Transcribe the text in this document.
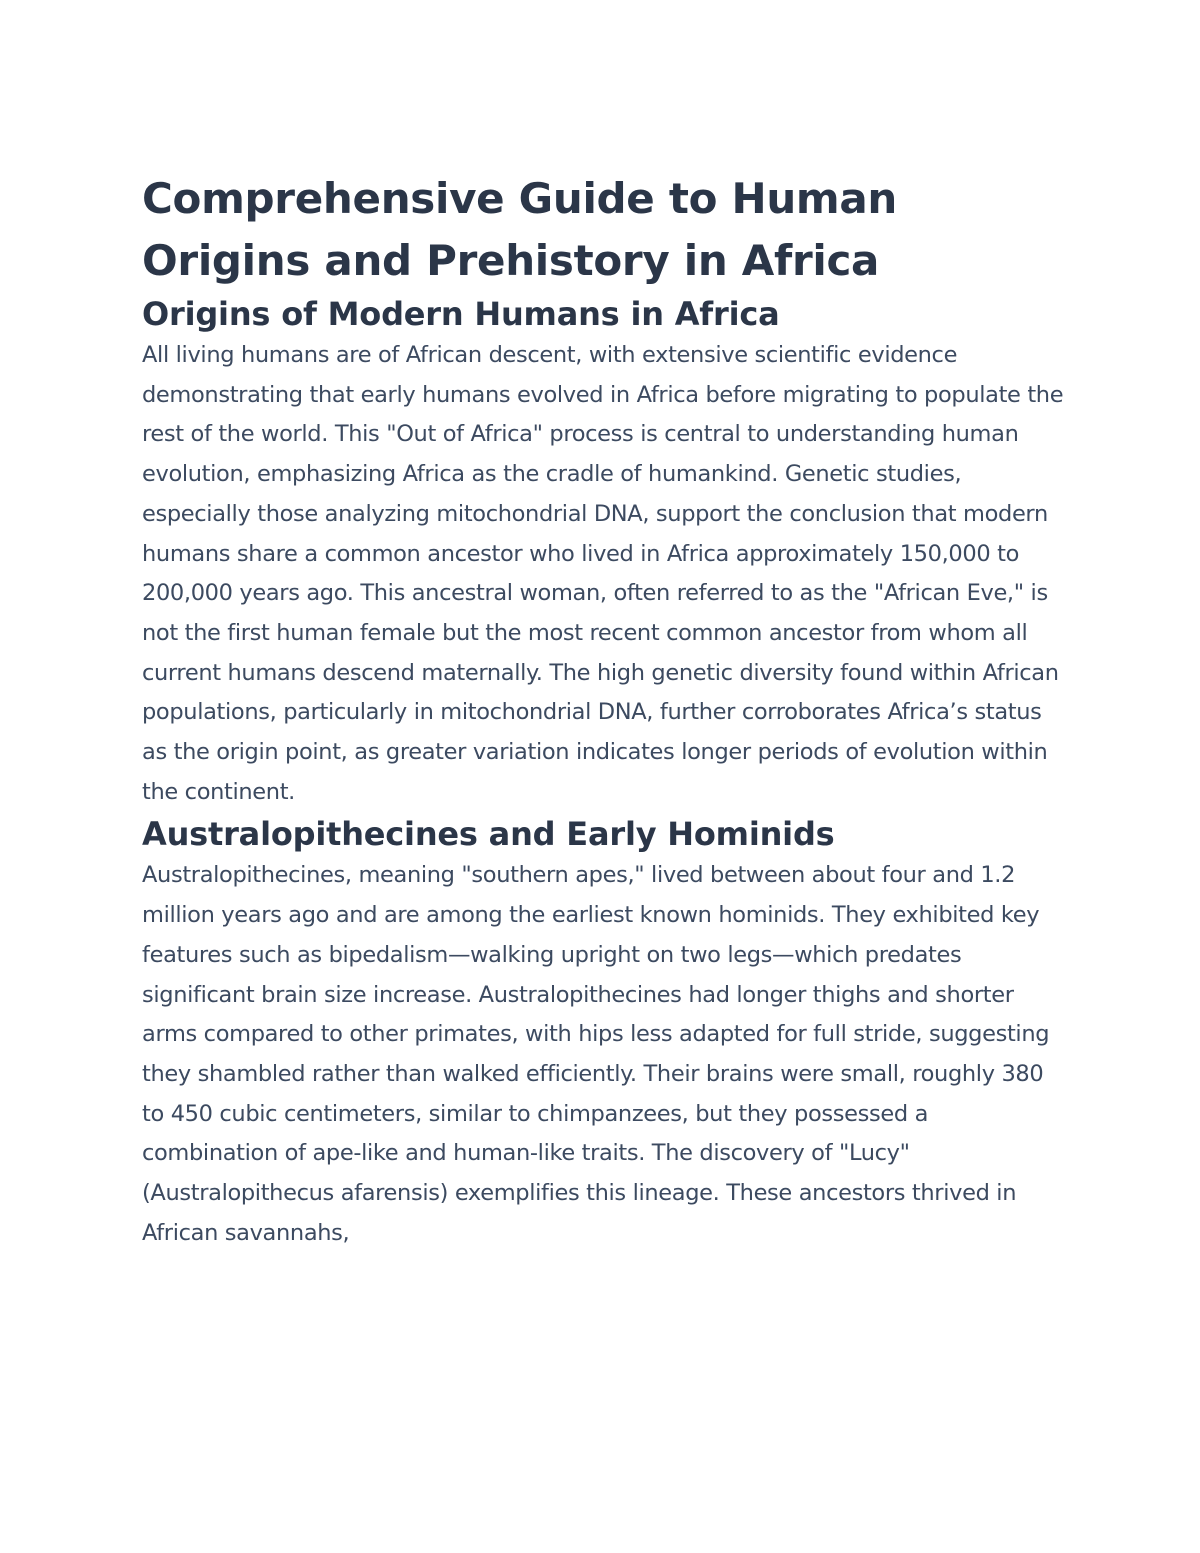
Comprehensive Guide to Human Origins and Prehistory in Africa
Origins of Modern Humans in Africa

All living humans are of African descent, with extensive scientific evidence demonstrating that early humans evolved in Africa before migrating to populate the rest of the world. This "Out of Africa" process is central to understanding human evolution, emphasizing Africa as the cradle of humankind. Genetic studies, especially those analyzing mitochondrial DNA, support the conclusion that modern humans share a common ancestor who lived in Africa approximately 150,000 to 200,000 years ago. This ancestral woman, often referred to as the "African Eve," is not the first human female but the most recent common ancestor from whom all current humans descend maternally. The high genetic diversity found within African populations, particularly in mitochondrial DNA, further corroborates Africa’s status as the origin point, as greater variation indicates longer periods of evolution within the continent.

Australopithecines and Early Hominids

Australopithecines, meaning "southern apes," lived between about four and 1.2 million years ago and are among the earliest known hominids. They exhibited key features such as bipedalism—walking upright on two legs—which predates significant brain size increase. Australopithecines had longer thighs and shorter arms compared to other primates, with hips less adapted for full stride, suggesting they shambled rather than walked efficiently. Their brains were small, roughly 380 to 450 cubic centimeters, similar to chimpanzees, but they possessed a combination of ape-like and human-like traits. The discovery of "Lucy" (Australopithecus afarensis) exemplifies this lineage. These ancestors thrived in African savannahs,
